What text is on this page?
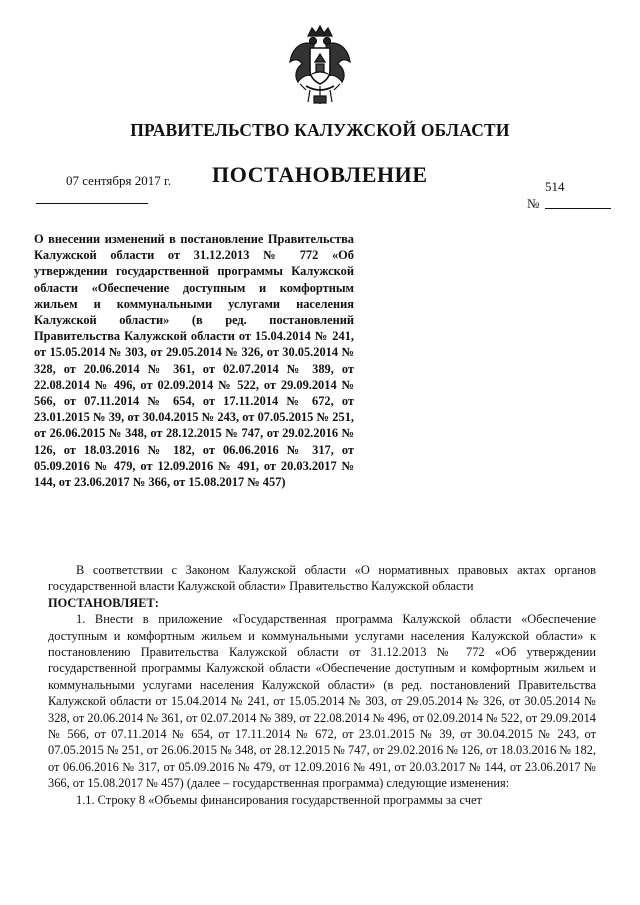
ПРАВИТЕЛЬСТВО КАЛУЖСКОЙ ОБЛАСТИ
07 сентября 2017 г. ПОСТАНОВЛЕНИЕ	514
№
О внесении изменений в постановление Правительства Калужской области от 31.12.2013 № 772 «Об утверждении государственной программы Калужской области «Обеспечение доступным и комфортным жильем и коммунальными услугами населения Калужской области» (в ред. постановлений Правительства Калужской области от 15.04.2014 № 241, от 15.05.2014 № 303, от 29.05.2014 № 326, от 30.05.2014 № 328, от 20.06.2014 № 361, от 02.07.2014 № 389, от 22.08.2014 № 496, от 02.09.2014 № 522, от 29.09.2014 № 566, от 07.11.2014 № 654, от 17.11.2014 № 672, от 23.01.2015 № 39, от 30.04.2015 № 243, от 07.05.2015 № 251, от 26.06.2015 № 348, от 28.12.2015 № 747, от 29.02.2016 № 126, от 18.03.2016 № 182, от 06.06.2016 № 317, от 05.09.2016 № 479, от 12.09.2016 № 491, от 20.03.2017 № 144, от 23.06.2017 № 366, от 15.08.2017 № 457)

В соответствии с Законом Калужской области «О нормативных правовых актах органов государственной власти Калужской области» Правительство Калужской области

ПОСТАНОВЛЯЕТ:

1. Внести в приложение «Государственная программа Калужской области «Обеспечение доступным и комфортным жильем и коммунальными услугами населения Калужской области» к постановлению Правительства Калужской области от 31.12.2013 № 772 «Об утверждении государственной программы Калужской области «Обеспечение доступным и комфортным жильем и коммунальными услугами населения Калужской области» (в ред. постановлений Правительства Калужской области от 15.04.2014 № 241, от 15.05.2014 № 303, от 29.05.2014 № 326, от 30.05.2014 № 328, от 20.06.2014 № 361, от 02.07.2014 № 389, от 22.08.2014 № 496, от 02.09.2014 № 522, от 29.09.2014 № 566, от 07.11.2014 № 654, от 17.11.2014 № 672, от 23.01.2015 № 39, от 30.04.2015 № 243, от 07.05.2015 № 251, от 26.06.2015 № 348, от 28.12.2015 № 747, от 29.02.2016 № 126, от 18.03.2016 № 182, от 06.06.2016 № 317, от 05.09.2016 № 479, от 12.09.2016 № 491, от 20.03.2017 № 144, от 23.06.2017 № 366, от 15.08.2017 № 457) (далее – государственная программа) следующие изменения:

1.1. Строку 8 «Объемы финансирования государственной программы за счет
